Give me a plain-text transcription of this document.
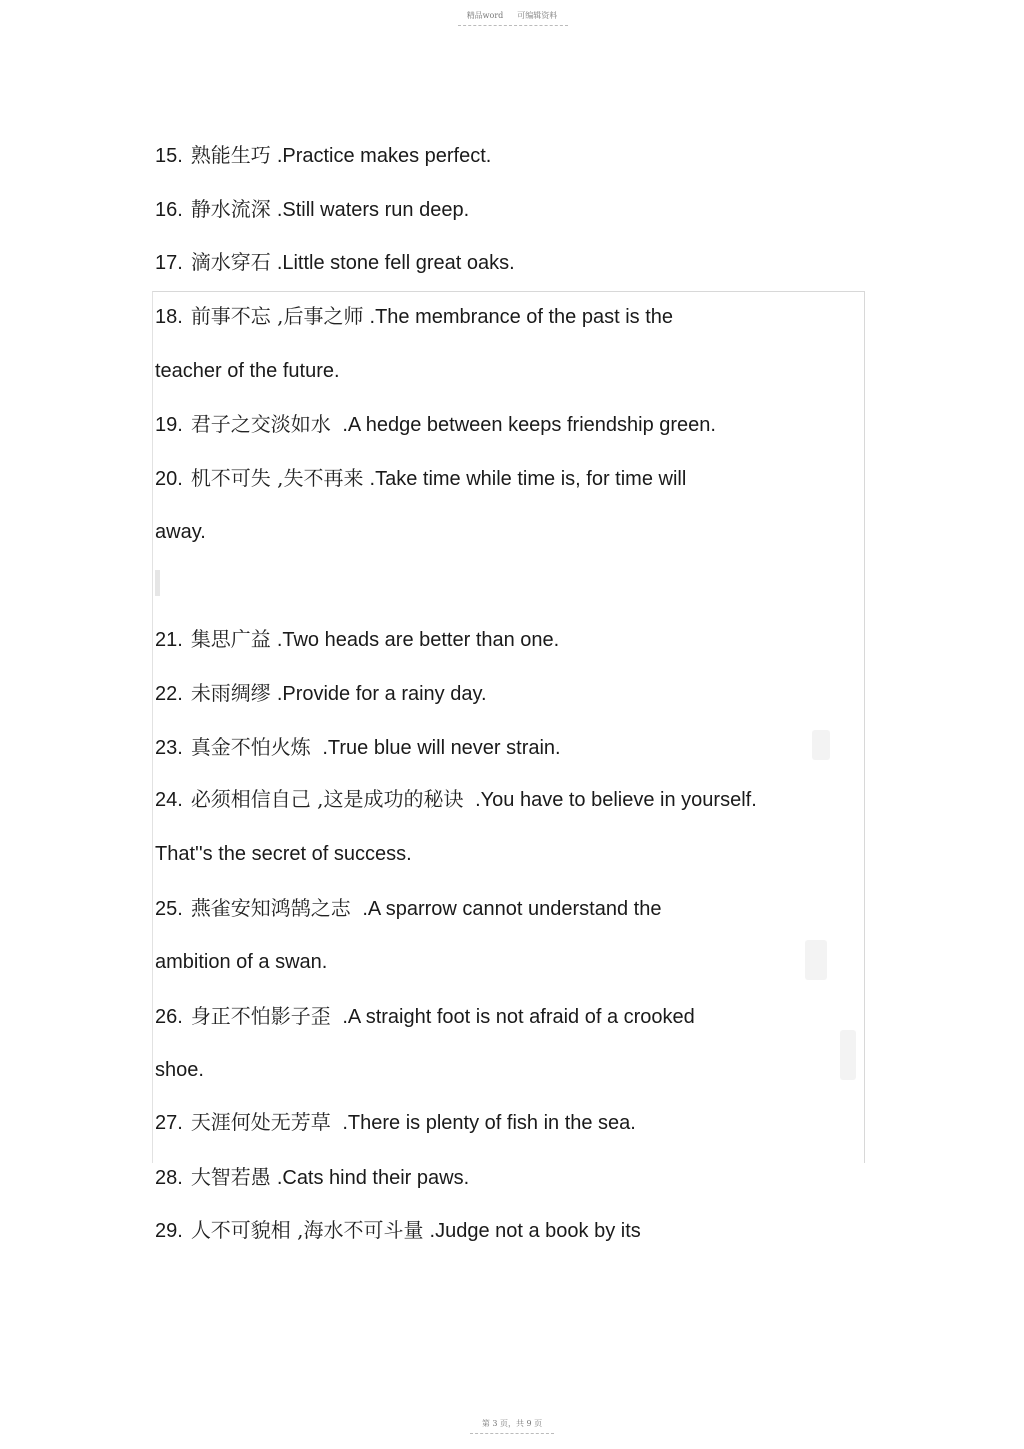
精品word 可编辑资料
15. 熟能生巧 .Practice makes perfect.
16. 静水流深 .Still waters run deep.
17. 滴水穿石 .Little stone fell great oaks.
18. 前事不忘 ,后事之师 .The membrance of the past is the
teacher of the future.
19. 君子之交淡如水 .A hedge between keeps friendship green.
20. 机不可失 ,失不再来 .Take time while time is, for time will
away.
21. 集思广益 .Two heads are better than one.
22. 未雨绸缪 .Provide for a rainy day.
23. 真金不怕火炼 .True blue will never strain.
24. 必须相信自己 ,这是成功的秘诀 .You have to believe in yourself.
That''s the secret of success.
25. 燕雀安知鸿鹄之志 .A sparrow cannot understand the
ambition of a swan.
26. 身正不怕影子歪 .A straight foot is not afraid of a crooked
shoe.
27. 天涯何处无芳草 .There is plenty of fish in the sea.
28. 大智若愚 .Cats hind their paws.
29. 人不可貌相 ,海水不可斗量 .Judge not a book by its
第 3 页，共 9 页
